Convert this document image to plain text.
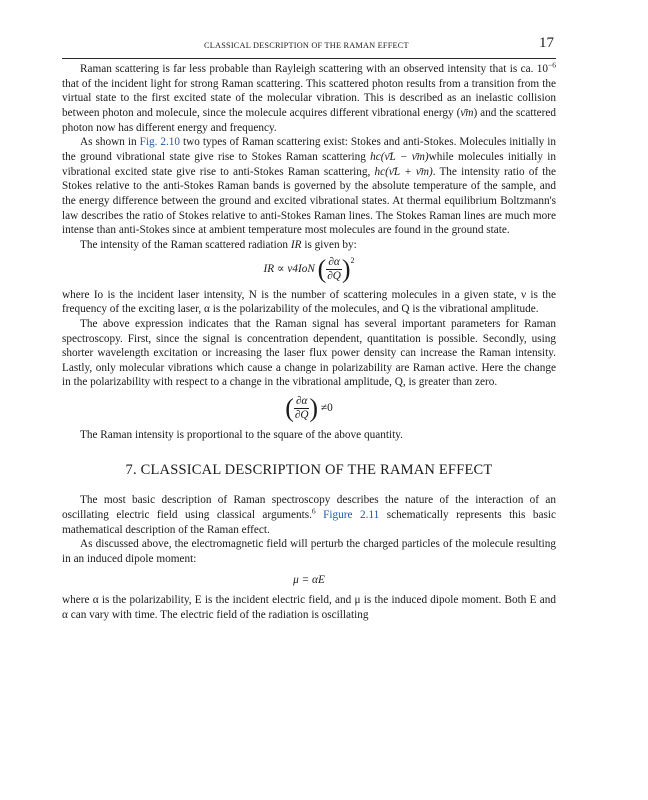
CLASSICAL DESCRIPTION OF THE RAMAN EFFECT	17

Raman scattering is far less probable than Rayleigh scattering with an observed intensity that is ca. $10^{-6}$ that of the incident light for strong Raman scattering. This scattered photon results from a transition from the virtual state to the first excited state of the molecular vibration. This is described as an inelastic collision between photon and molecule, since the molecule acquires different vibrational energy (ν̄m) and the scattered photon now has different energy and frequency.

As shown in Fig. 2.10 two types of Raman scattering exist: Stokes and anti-Stokes. Molecules initially in the ground vibrational state give rise to Stokes Raman scattering hc(ν̄L − ν̄m)while molecules initially in vibrational excited state give rise to anti-Stokes Raman scattering, hc(ν̄L + ν̄m). The intensity ratio of the Stokes relative to the anti-Stokes Raman bands is governed by the absolute temperature of the sample, and the energy difference between the ground and excited vibrational states. At thermal equilibrium Boltzmann's law describes the ratio of Stokes relative to anti-Stokes Raman lines. The Stokes Raman lines are much more intense than anti-Stokes since at ambient temperature most molecules are found in the ground state.

The intensity of the Raman scattered radiation IR is given by:

IR ∝ ν4IoN ( $\frac{\partial\alpha}{\partial Q} )^2$

where Io is the incident laser intensity, N is the number of scattering molecules in a given state, ν is the frequency of the exciting laser, α is the polarizability of the molecules, and Q is the vibrational amplitude.

The above expression indicates that the Raman signal has several important parameters for Raman spectroscopy. First, since the signal is concentration dependent, quantitation is possible. Secondly, using shorter wavelength excitation or increasing the laser flux power density can increase the Raman intensity. Lastly, only molecular vibrations which cause a change in polarizability are Raman active. Here the change in the polarizability with respect to a change in the vibrational amplitude, Q, is greater than zero.

( $\frac{\partial\alpha}{\partial Q}$ ) ≠0

The Raman intensity is proportional to the square of the above quantity.

7. CLASSICAL DESCRIPTION OF THE RAMAN EFFECT

The most basic description of Raman spectroscopy describes the nature of the interaction of an oscillating electric field using classical arguments.$^6$ Figure 2.11 schematically represents this basic mathematical description of the Raman effect.

As discussed above, the electromagnetic field will perturb the charged particles of the molecule resulting in an induced dipole moment:

μ = αE

where α is the polarizability, E is the incident electric field, and μ is the induced dipole moment. Both E and α can vary with time. The electric field of the radiation is oscillating
